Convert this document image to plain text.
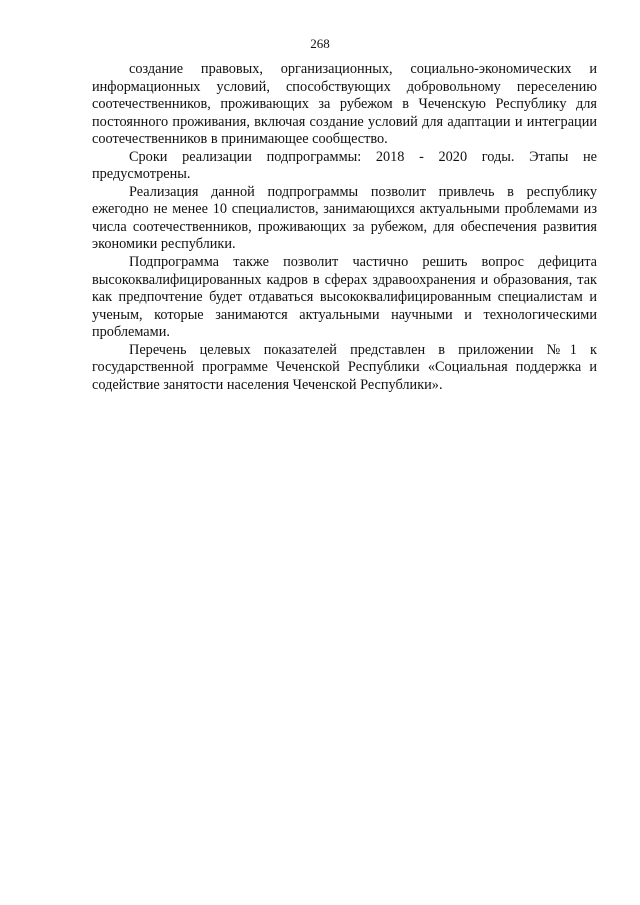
268

создание правовых, организационных, социально-экономических и информационных условий, способствующих добровольному переселению соотечественников, проживающих за рубежом в Чеченскую Республику для постоянного проживания, включая создание условий для адаптации и интеграции соотечественников в принимающее сообщество.

Сроки реализации подпрограммы: 2018 - 2020 годы. Этапы не предусмотрены.

Реализация данной подпрограммы позволит привлечь в республику ежегодно не менее 10 специалистов, занимающихся актуальными проблемами из числа соотечественников, проживающих за рубежом, для обеспечения развития экономики республики.

Подпрограмма также позволит частично решить вопрос дефицита высококвалифицированных кадров в сферах здравоохранения и образования, так как предпочтение будет отдаваться высококвалифицированным специалистам и ученым, которые занимаются актуальными научными и технологическими проблемами.

Перечень целевых показателей представлен в приложении №1 к государственной программе Чеченской Республики «Социальная поддержка и содействие занятости населения Чеченской Республики».
